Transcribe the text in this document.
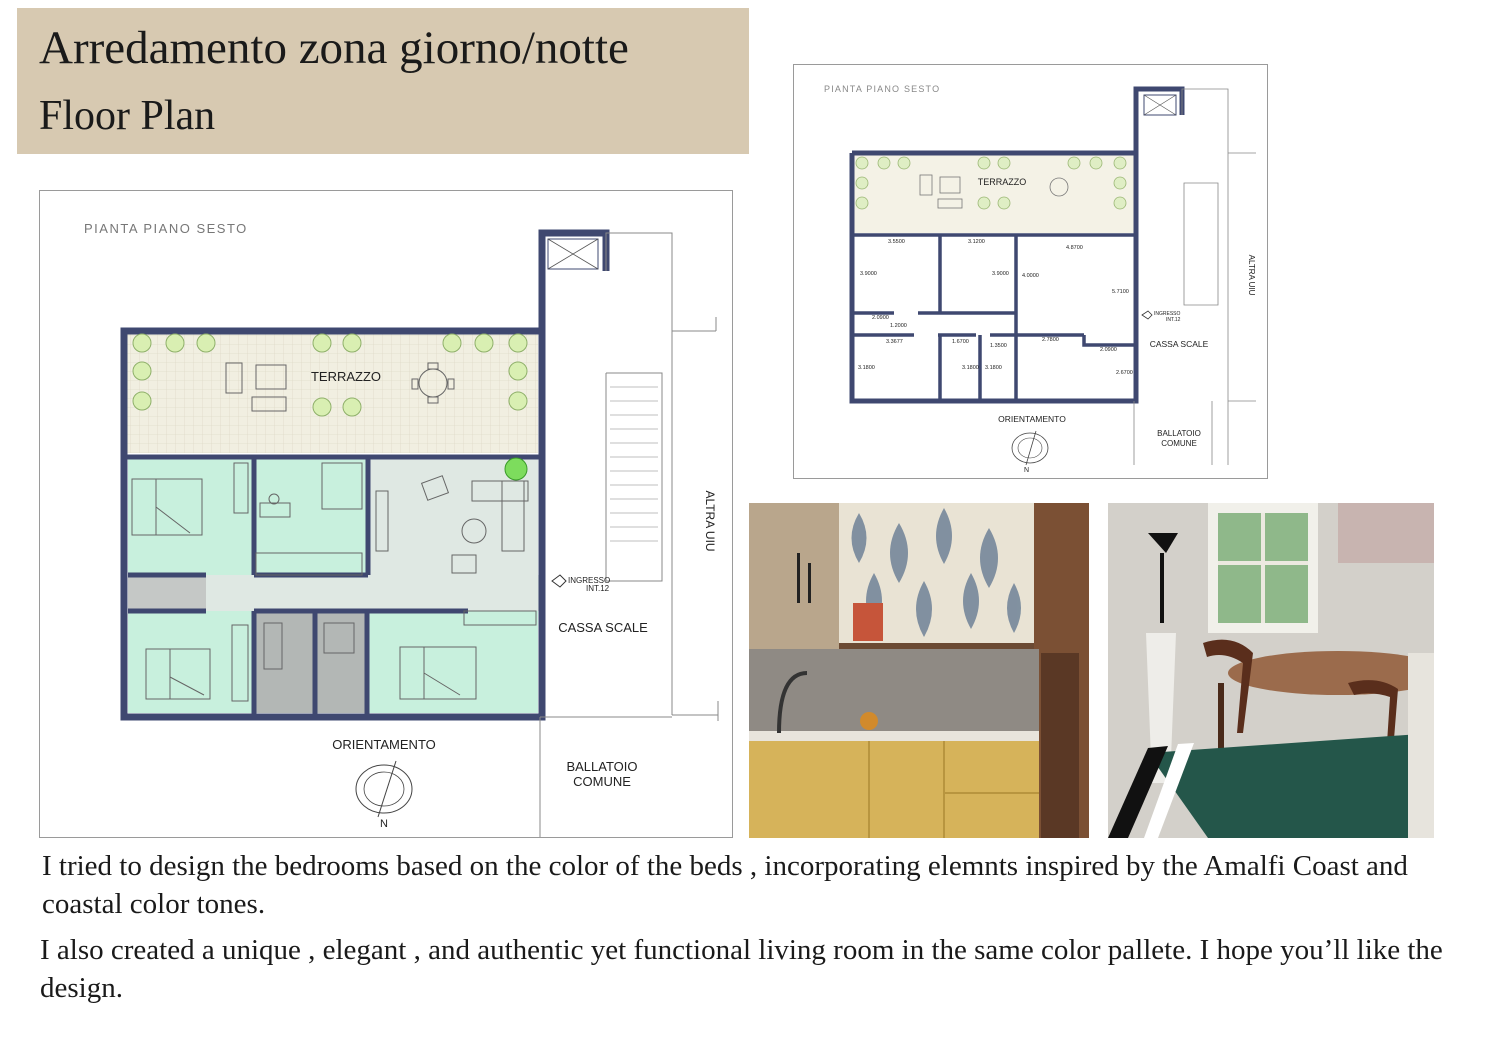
Arredamento zona giorno/notte
Floor Plan
PIANTA PIANO SESTO
TERRAZZO
INGRESSO
INT.12
CASSA SCALE
ALTRA UIU
BALLATOIO
COMUNE
ORIENTAMENTO
N
PIANTA PIANO SESTO
TERRAZZO
3.5500	3.1200
4.8700
3.9000	3.9000 4.0000
5.7100
2.0900
1.2000
3.3677	1.6700
1.3500
2.7800
2.0900
3.1800	3.1800 3.1800
2.6700
INGRESSO
INT.12
CASSA SCALE
ALTRA UIU
BALLATOIO
COMUNE
ORIENTAMENTO
N
I tried to design the bedrooms based on the color of the beds , incorporating elemnts inspired by the Amalfi Coast and coastal color tones.
I also created a unique , elegant , and authentic yet functional living room in the same color pallete. I hope you’ll like the design.
